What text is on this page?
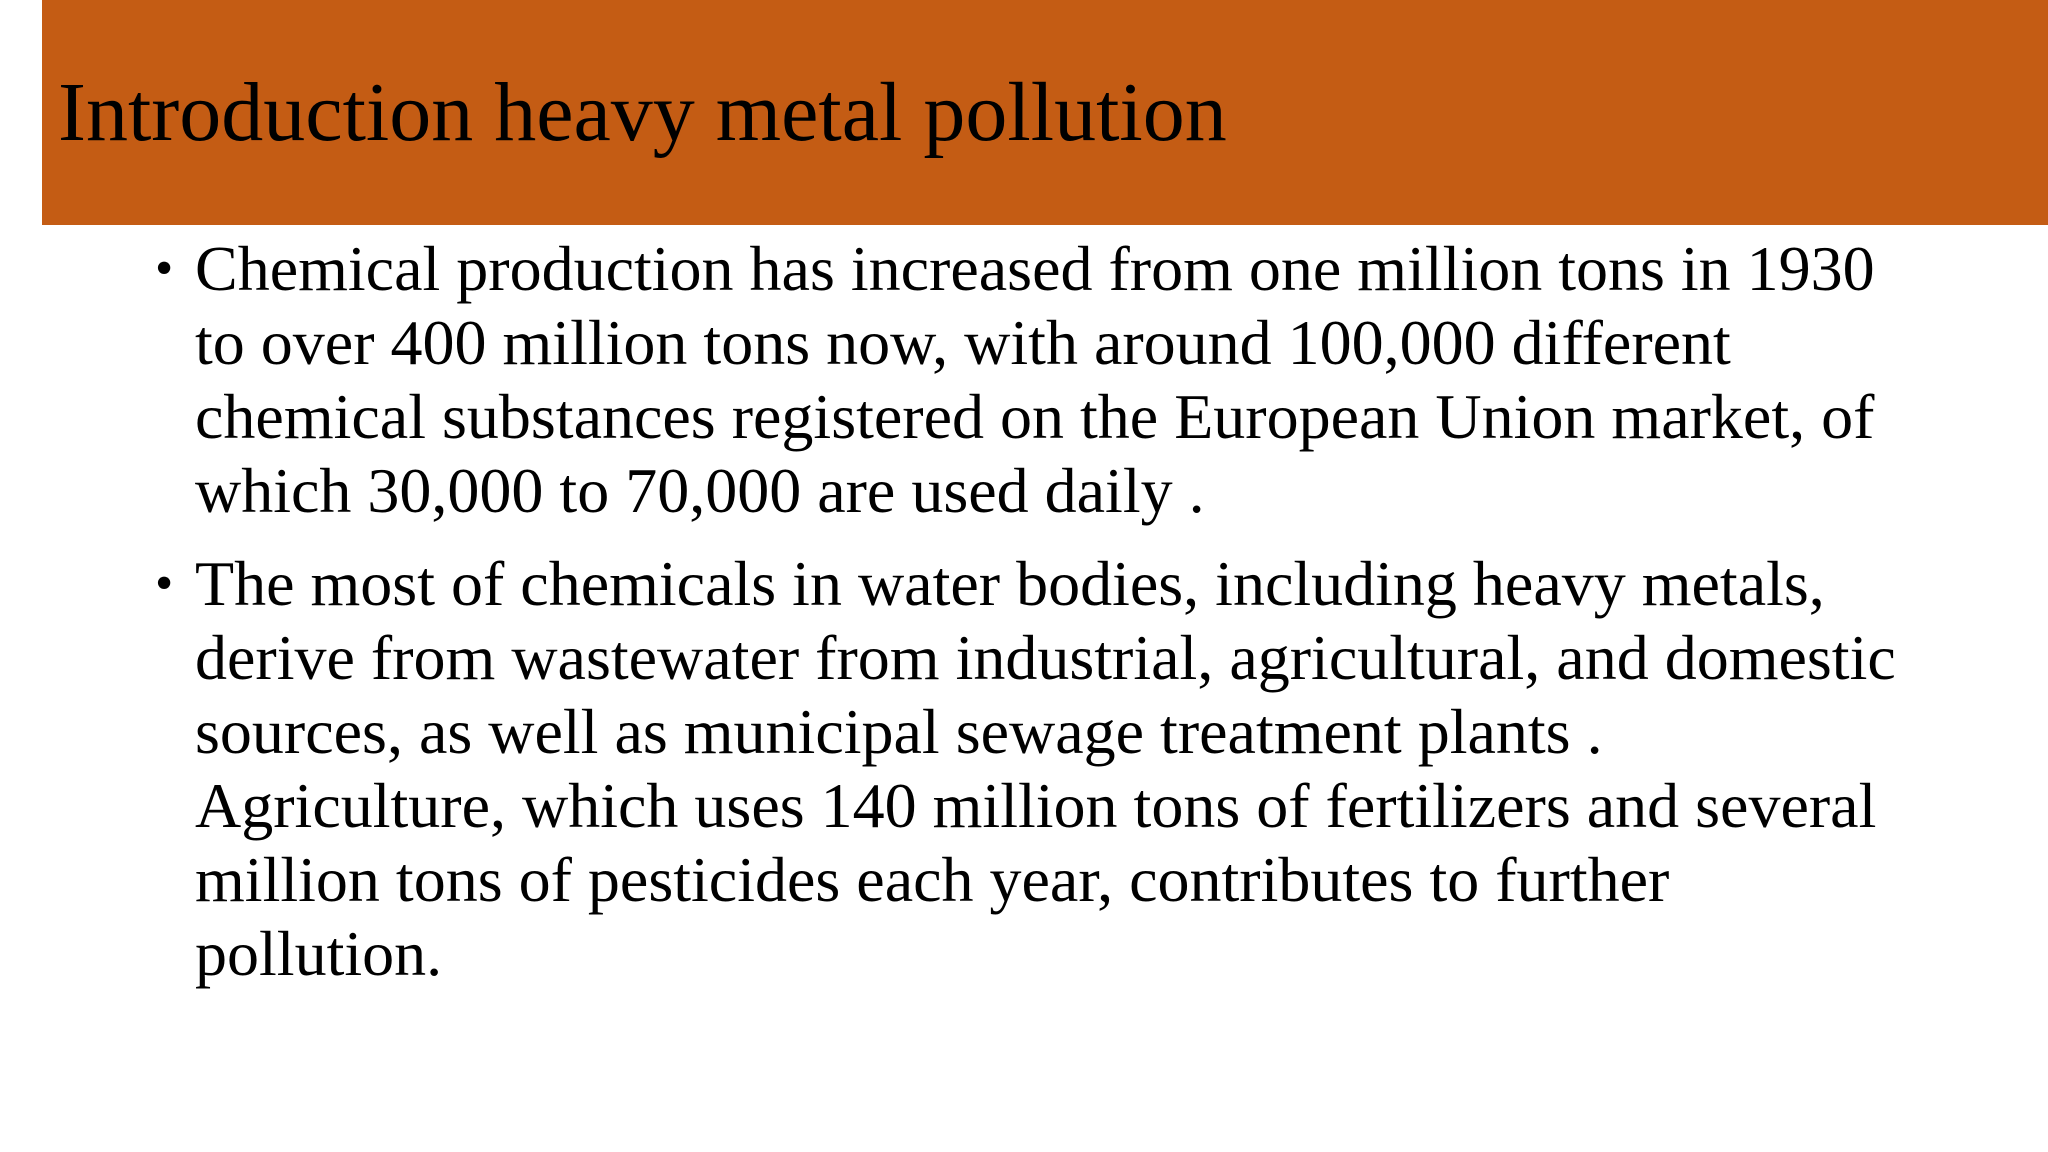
Introduction heavy metal pollution
• Chemical production has increased from one million tons in 1930 to over 400 million tons now, with around 100,000 different chemical substances registered on the European Union market, of which 30,000 to 70,000 are used daily .
• The most of chemicals in water bodies, including heavy metals, derive from wastewater from industrial, agricultural, and domestic sources, as well as municipal sewage treatment plants . Agriculture, which uses 140 million tons of fertilizers and several million tons of pesticides each year, contributes to further pollution.
